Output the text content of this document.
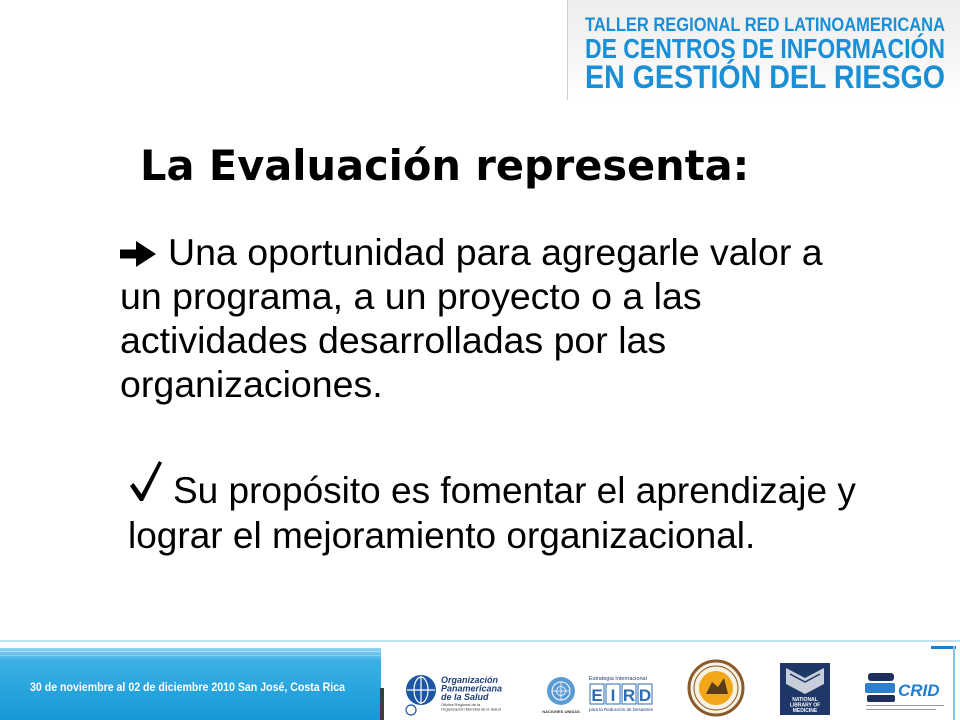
TALLER REGIONAL RED LATINOAMERICANA
DE CENTROS DE INFORMACIÓN
EN GESTIÓN DEL RIESGO
La Evaluación representa:
Una oportunidad para agregarle valor a
un programa, a un proyecto o a las
actividades desarrolladas por las
organizaciones.
Su propósito es fomentar el aprendizaje y
lograr el mejoramiento organizacional.
30 de noviembre al 02 de diciembre 2010 San José, Costa Rica
Organización
Panamericana
de la Salud
Oficina Regional de la
Organización Mundial de la Salud	NACIONES UNIDAS
Estrategia Internacional
EIRD
para la Reducción de Desastres
NATIONAL
LIBRARY OF
MEDICINE
CRID
